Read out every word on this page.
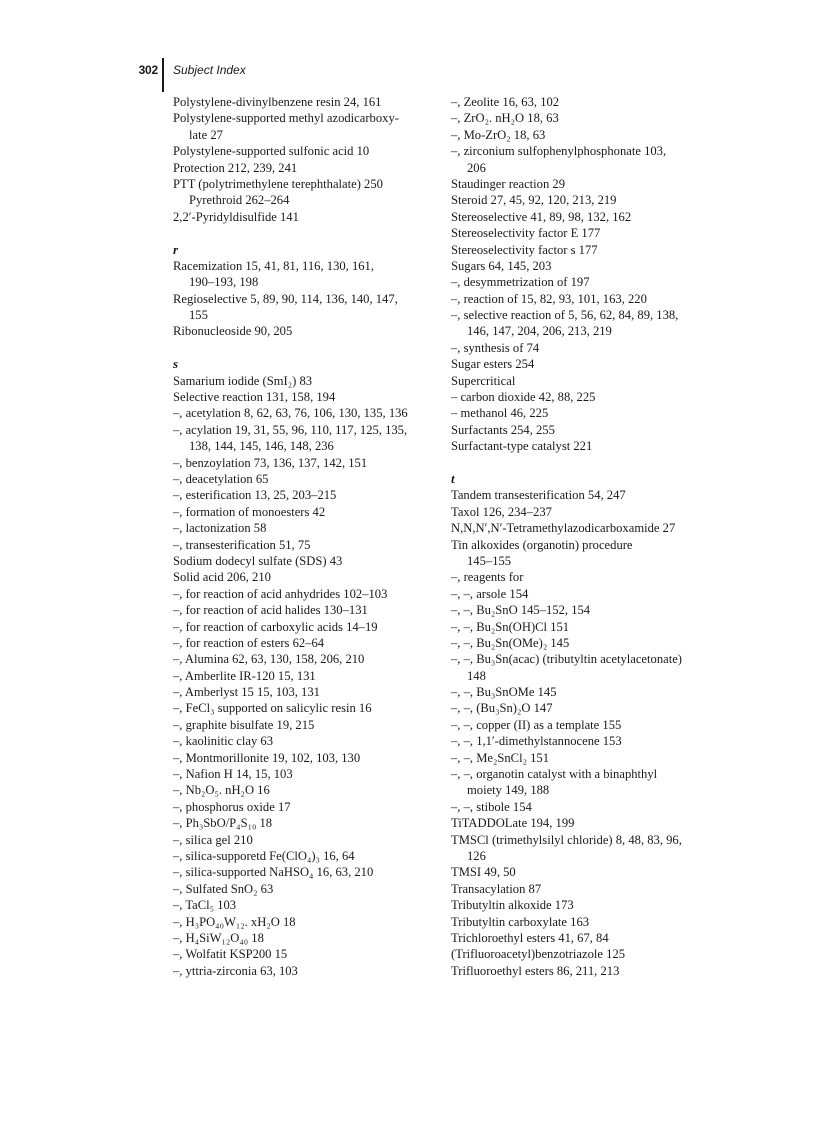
302 Subject Index
Polystylene-divinylbenzene resin 24, 161
Polystylene-supported methyl azodicarboxy-
late 27
Polystylene-supported sulfonic acid 10
Protection 212, 239, 241
PTT (polytrimethylene terephthalate) 250
Pyrethroid 262–264
2,2′-Pyridyldisulfide 141
r
Racemization 15, 41, 81, 116, 130, 161,
190–193, 198
Regioselective 5, 89, 90, 114, 136, 140, 147,
155
Ribonucleoside 90, 205
s
Samarium iodide (SmI₂) 83
Selective reaction 131, 158, 194
–, acetylation 8, 62, 63, 76, 106, 130, 135, 136
–, acylation 19, 31, 55, 96, 110, 117, 125, 135,
138, 144, 145, 146, 148, 236
–, benzoylation 73, 136, 137, 142, 151
–, deacetylation 65
–, esterification 13, 25, 203–215
–, formation of monoesters 42
–, lactonization 58
–, transesterification 51, 75
Sodium dodecyl sulfate (SDS) 43
Solid acid 206, 210
–, for reaction of acid anhydrides 102–103
–, for reaction of acid halides 130–131
–, for reaction of carboxylic acids 14–19
–, for reaction of esters 62–64
–, Alumina 62, 63, 130, 158, 206, 210
–, Amberlite IR-120 15, 131
–, Amberlyst 15 15, 103, 131
–, FeCl₃ supported on salicylic resin 16
–, graphite bisulfate 19, 215
–, kaolinitic clay 63
–, Montmorillonite 19, 102, 103, 130
–, Nafion H 14, 15, 103
–, Nb₂O₅. nH₂O 16
–, phosphorus oxide 17
–, Ph₃SbO/P₄S₁₀ 18
–, silica gel 210
–, silica-supporetd Fe(ClO₄)₃ 16, 64
–, silica-supported NaHSO₄ 16, 63, 210
–, Sulfated SnO₂ 63
–, TaCl₅ 103
–, H₃PO₄₀W₁₂. xH₂O 18
–, H₄SiW₁₂O₄₀ 18
–, Wolfatit KSP200 15
–, yttria-zirconia 63, 103
–, Zeolite 16, 63, 102
–, ZrO₂. nH₂O 18, 63
–, Mo-ZrO₂ 18, 63
–, zirconium sulfophenylphosphonate 103,
206
Staudinger reaction 29
Steroid 27, 45, 92, 120, 213, 219
Stereoselective 41, 89, 98, 132, 162
Stereoselectivity factor E 177
Stereoselectivity factor s 177
Sugars 64, 145, 203
–, desymmetrization of 197
–, reaction of 15, 82, 93, 101, 163, 220
–, selective reaction of 5, 56, 62, 84, 89, 138,
146, 147, 204, 206, 213, 219
–, synthesis of 74
Sugar esters 254
Supercritical
– carbon dioxide 42, 88, 225
– methanol 46, 225
Surfactants 254, 255
Surfactant-type catalyst 221
t
Tandem transesterification 54, 247
Taxol 126, 234–237
N,N,N′,N′-Tetramethylazodicarboxamide 27
Tin alkoxides (organotin) procedure
145–155
–, reagents for
–, –, arsole 154
–, –, Bu₂SnO 145–152, 154
–, –, Bu₂Sn(OH)Cl 151
–, –, Bu₂Sn(OMe)₂ 145
–, –, Bu₃Sn(acac) (tributyltin acetylacetonate)
148
–, –, Bu₃SnOMe 145
–, –, (Bu₃Sn)₂O 147
–, –, copper (II) as a template 155
–, –, 1,1′-dimethylstannocene 153
–, –, Me₂SnCl₂ 151
–, –, organotin catalyst with a binaphthyl
moiety 149, 188
–, –, stibole 154
TiTADDOLate 194, 199
TMSCl (trimethylsilyl chloride) 8, 48, 83, 96,
126
TMSI 49, 50
Transacylation 87
Tributyltin alkoxide 173
Tributyltin carboxylate 163
Trichloroethyl esters 41, 67, 84
(Trifluoroacetyl)benzotriazole 125
Trifluoroethyl esters 86, 211, 213
